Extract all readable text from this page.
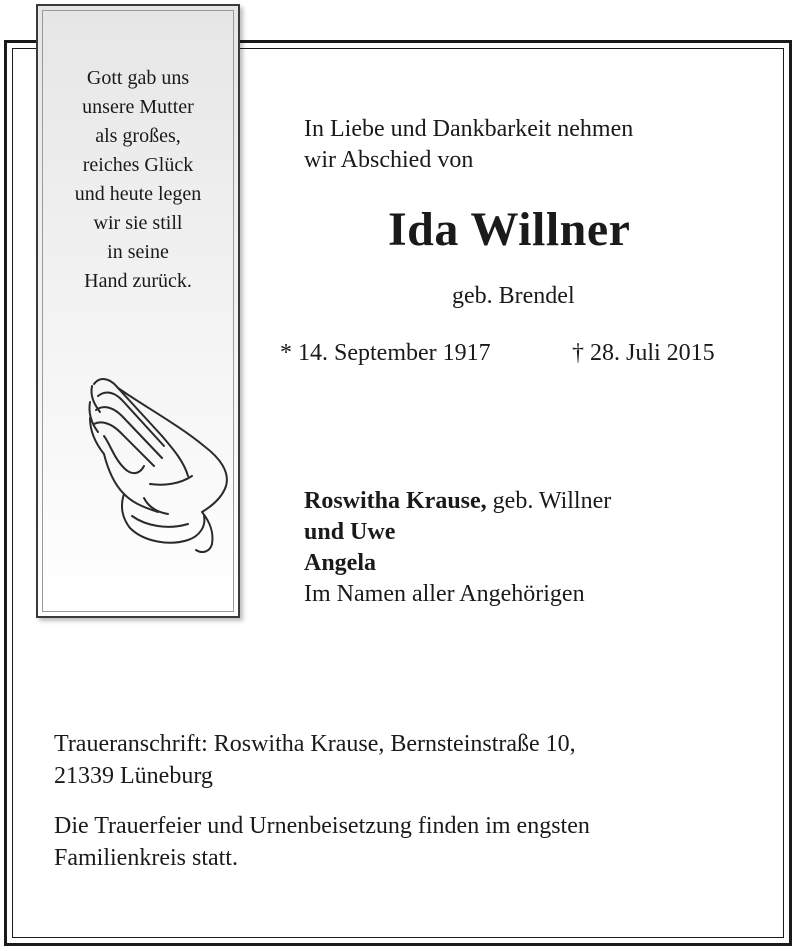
Gott gab uns
unsere Mutter
als großes,
reiches Glück
und heute legen
wir sie still
in seine
Hand zurück.
In Liebe und Dankbarkeit nehmen
wir Abschied von
Ida Willner
geb. Brendel
* 14. September 1917	† 28. Juli 2015
Roswitha Krause, geb. Willner
und Uwe
Angela
Im Namen aller Angehörigen
Traueranschrift: Roswitha Krause, Bernsteinstraße 10,
21339 Lüneburg
Die Trauerfeier und Urnenbeisetzung finden im engsten
Familienkreis statt.
